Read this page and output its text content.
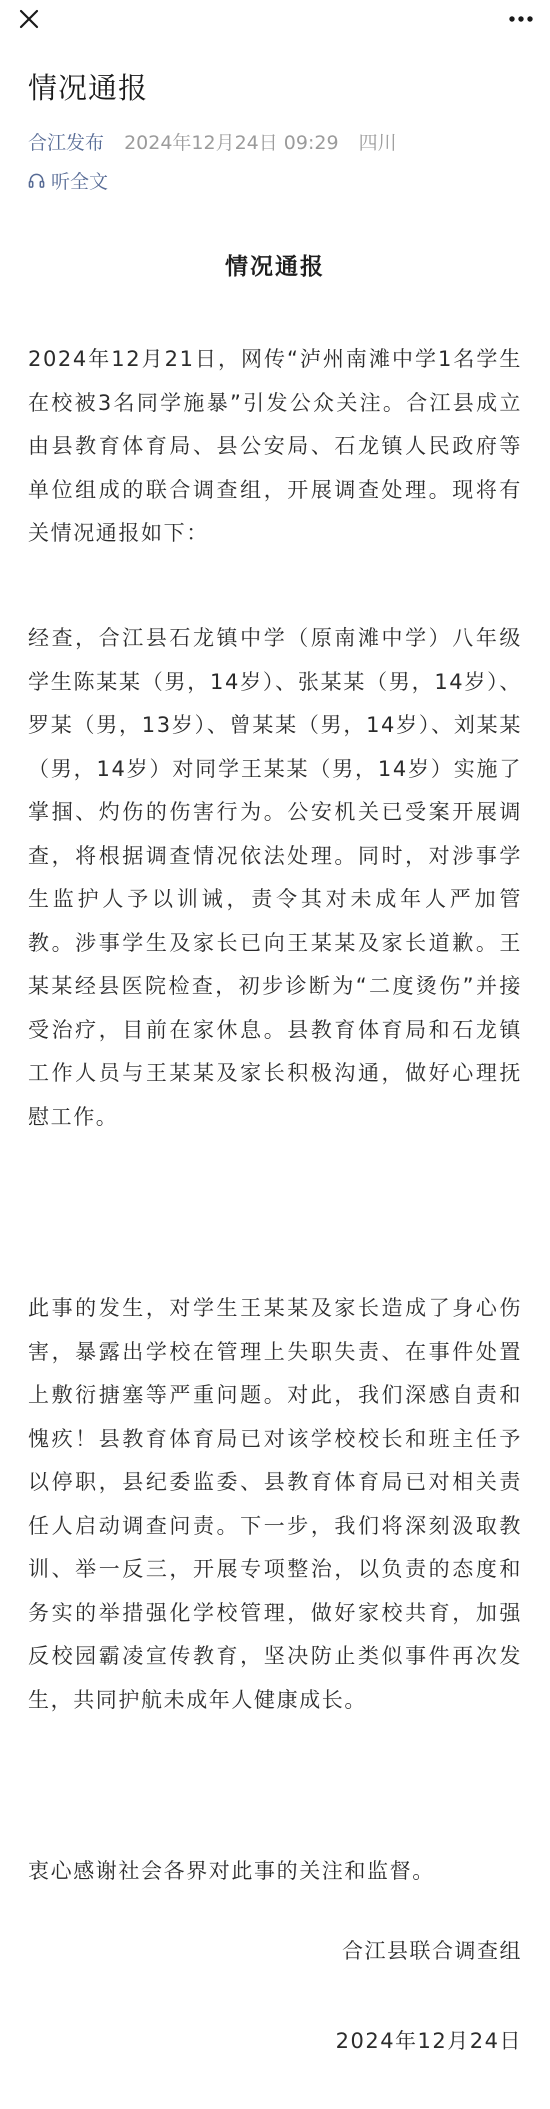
情况通报
合江发布 2024年12月24日 09:29 四川
听全文
情况通报

2024年12月21日，网传“泸州南滩中学1名学生在校被3名同学施暴”引发公众关注。合江县成立由县教育体育局、县公安局、石龙镇人民政府等单位组成的联合调查组，开展调查处理。现将有关情况通报如下：

经查，合江县石龙镇中学（原南滩中学）八年级学生陈某某（男，14岁）、张某某（男，14岁）、罗某（男，13岁）、曾某某（男，14岁）、刘某某（男，14岁）对同学王某某（男，14岁）实施了掌掴、灼伤的伤害行为。公安机关已受案开展调查，将根据调查情况依法处理。同时，对涉事学生监护人予以训诫，责令其对未成年人严加管教。涉事学生及家长已向王某某及家长道歉。王某某经县医院检查，初步诊断为“二度烫伤”并接受治疗，目前在家休息。县教育体育局和石龙镇工作人员与王某某及家长积极沟通，做好心理抚慰工作。

此事的发生，对学生王某某及家长造成了身心伤害，暴露出学校在管理上失职失责、在事件处置上敷衍搪塞等严重问题。对此，我们深感自责和愧疚！县教育体育局已对该学校校长和班主任予以停职，县纪委监委、县教育体育局已对相关责任人启动调查问责。下一步，我们将深刻汲取教训、举一反三，开展专项整治，以负责的态度和务实的举措强化学校管理，做好家校共育，加强反校园霸凌宣传教育，坚决防止类似事件再次发生，共同护航未成年人健康成长。

衷心感谢社会各界对此事的关注和监督。

合江县联合调查组
2024年12月24日
